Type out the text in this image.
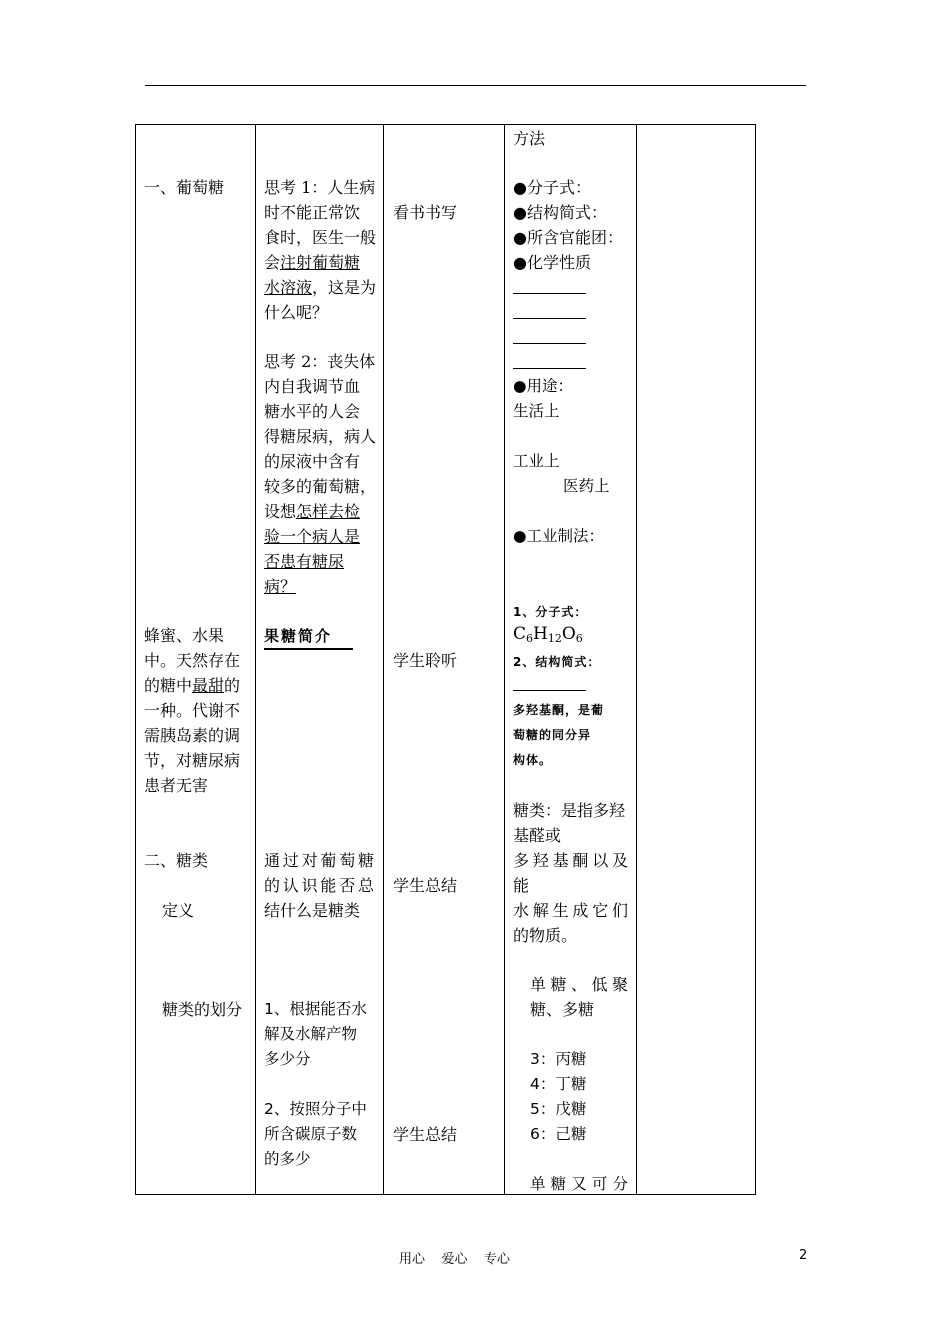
一、葡萄糖
蜂蜜、水果
中。天然存在
的糖中最甜的
一种。代谢不
需胰岛素的调
节，对糖尿病
患者无害
二、糖类
定义
糖类的划分
思考 1：人生病
时不能正常饮
食时，医生一般
会注射葡萄糖
水溶液，这是为
什么呢？
思考 2：丧失体
内自我调节血
糖水平的人会
得糖尿病，病人
的尿液中含有
较多的葡萄糖，
设想怎样去检
验一个病人是
否患有糖尿
病？
果糖简介
通过对葡萄糖
的认识能否总
结什么是糖类
1、根据能否水
解及水解产物
多少分
2、按照分子中
所含碳原子数
的多少
看书书写
学生聆听
学生总结
学生总结
方法
●分子式：
●结构简式：
●所含官能团：
●化学性质
●用途：
生活上
工业上
医药上
●工业制法：
1、分子式：
$C_6H_{12}O_6$
2、结构简式：
多羟基酮，是葡
萄糖的同分异
构体。
糖类：是指多羟
基醛或
多羟基酮以及
能
水解生成它们
的物质。
单糖、低聚
糖、多糖
3：丙糖
4：丁糖
5：戊糖
6：己糖
单糖又可分
用心    爱心    专心	2
